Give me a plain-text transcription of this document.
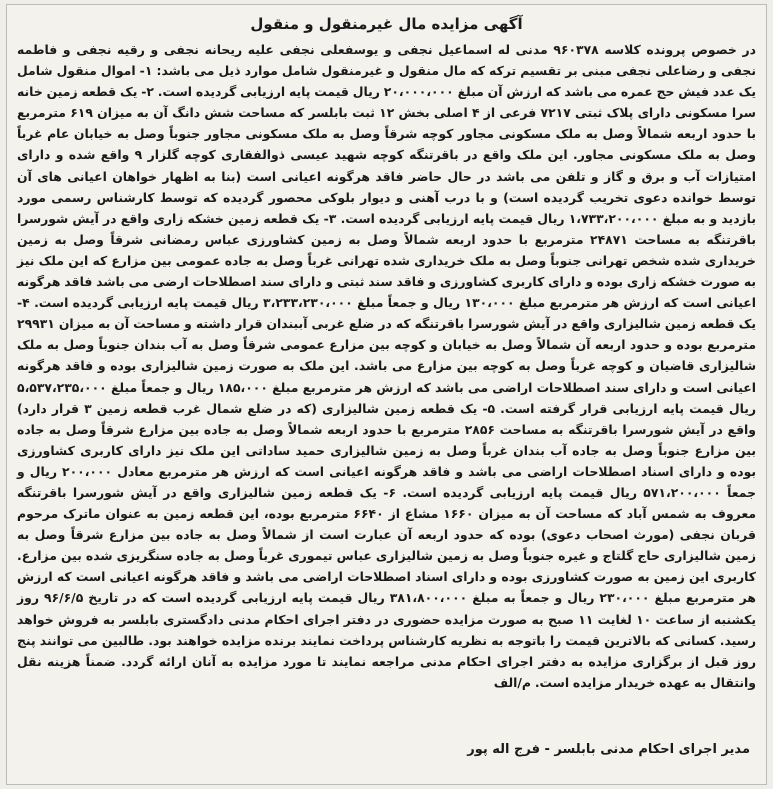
آگهی مزایده مال غیرمنقول و منقول

در خصوص پرونده کلاسه ۹۶۰۳۷۸ مدنی له اسماعیل نجفی و یوسفعلی نجفی علیه ریحانه نجفی و رقیه نجفی و فاطمه نجفی و رضاعلی نجفی مبنی بر تقسیم ترکه که مال منقول و غیرمنقول شامل موارد ذیل می باشد: ۱- اموال منقول شامل یک عدد فیش حج عمره می باشد که ارزش آن مبلغ ۲۰،۰۰۰،۰۰۰ ریال قیمت پایه ارزیابی گردیده است. ۲- یک قطعه زمین خانه سرا مسکونی دارای پلاک ثبتی ۷۲۱۷ فرعی از ۴ اصلی بخش ۱۲ ثبت بابلسر که مساحت شش دانگ آن به میزان ۶۱۹ مترمربع با حدود اربعه شمالاً وصل به ملک مسکونی مجاور کوچه شرقاً وصل به ملک مسکونی مجاور جنوباً وصل به خیابان عام غرباً وصل به ملک مسکونی مجاور. این ملک واقع در باقرتنگه کوچه شهید عیسی ذوالفقاری کوچه گلزار ۹ واقع شده و دارای امتیازات آب و برق و گاز و تلفن می باشد در حال حاضر فاقد هرگونه اعیانی است (بنا به اظهار خواهان اعیانی های آن توسط خوانده دعوی تخریب گردیده است) و با درب آهنی و دیوار بلوکی محصور گردیده که توسط کارشناس رسمی مورد بازدید و به مبلغ ۱،۷۳۳،۲۰۰،۰۰۰ ریال قیمت پایه ارزیابی گردیده است. ۳- یک قطعه زمین خشکه زاری واقع در آیش شورسرا باقرتنگه به مساحت ۲۴۸۷۱ مترمربع با حدود اربعه شمالاً وصل به زمین کشاورزی عباس رمضانی شرقاً وصل به زمین خریداری شده شخص تهرانی جنوباً وصل به ملک خریداری شده تهرانی غرباً وصل به جاده عمومی بین مزارع که این ملک نیز به صورت خشکه زاری بوده و دارای کاربری کشاورزی و فاقد سند ثبتی و دارای سند اصطلاحات ارضی می باشد فاقد هرگونه اعیانی است که ارزش هر مترمربع مبلغ ۱۳۰،۰۰۰ ریال و جمعاً مبلغ ۳،۲۳۳،۲۳۰،۰۰۰ ریال قیمت پایه ارزیابی گردیده است. ۴- یک قطعه زمین شالیزاری واقع در آیش شورسرا باقرتنگه که در ضلع غربی آببندان قرار داشته و مساحت آن به میزان ۲۹۹۳۱ مترمربع بوده و حدود اربعه آن شمالاً وصل به خیابان و کوچه بین مزارع عمومی شرقاً وصل به آب بندان جنوباً وصل به ملک شالیزاری قاضیان و کوچه غرباً وصل به کوچه بین مزارع می باشد. این ملک به صورت زمین شالیزاری بوده و فاقد هرگونه اعیانی است و دارای سند اصطلاحات اراضی می باشد که ارزش هر مترمربع مبلغ ۱۸۵،۰۰۰ ریال و جمعاً مبلغ ۵،۵۳۷،۲۳۵،۰۰۰ ریال قیمت پایه ارزیابی قرار گرفته است. ۵- یک قطعه زمین شالیزاری (که در ضلع شمال غرب قطعه زمین ۳ قرار دارد) واقع در آیش شورسرا باقرتنگه به مساحت ۲۸۵۶ مترمربع با حدود اربعه شمالاً وصل به جاده بین مزارع شرقاً وصل به جاده بین مزارع جنوباً وصل به جاده آب بندان غرباً وصل به زمین شالیزاری حمید ساداتی این ملک نیز دارای کاربری کشاورزی بوده و دارای اسناد اصطلاحات اراضی می باشد و فاقد هرگونه اعیانی است که ارزش هر مترمربع معادل ۲۰۰،۰۰۰ ریال و جمعاً ۵۷۱،۲۰۰،۰۰۰ ریال قیمت پایه ارزیابی گردیده است. ۶- یک قطعه زمین شالیزاری واقع در آیش شورسرا باقرتنگه معروف به شمس آباد که مساحت آن به میزان ۱۶۶۰ مشاع از ۶۶۴۰ مترمربع بوده، این قطعه زمین به عنوان ماترک مرحوم قربان نجفی (مورث اصحاب دعوی) بوده که حدود اربعه آن عبارت است از شمالاً وصل به جاده بین مزارع شرقاً وصل به زمین شالیزاری حاج گلتاج و غیره جنوباً وصل به زمین شالیزاری عباس تیموری غرباً وصل به جاده سنگریزی شده بین مزارع. کاربری این زمین به صورت کشاورزی بوده و دارای اسناد اصطلاحات اراضی می باشد و فاقد هرگونه اعیانی است که ارزش هر مترمربع مبلغ ۲۳۰،۰۰۰ ریال و جمعاً به مبلغ ۳۸۱،۸۰۰،۰۰۰ ریال قیمت پایه ارزیابی گردیده است که در تاریخ ۹۶/۶/۵ روز یکشنبه از ساعت ۱۰ لغایت ۱۱ صبح به صورت مزایده حضوری در دفتر اجرای احکام مدنی دادگستری بابلسر به فروش خواهد رسید. کسانی که بالاترین قیمت را باتوجه به نظریه کارشناس پرداخت نمایند برنده مزایده خواهند بود. طالبین می توانند پنج روز قبل از برگزاری مزایده به دفتر اجرای احکام مدنی مراجعه نمایند تا مورد مزایده به آنان ارائه گردد. ضمناً هزینه نقل وانتقال به عهده خریدار مزایده است. م/الف

مدیر اجرای احکام مدنی بابلسر - فرج اله پور
